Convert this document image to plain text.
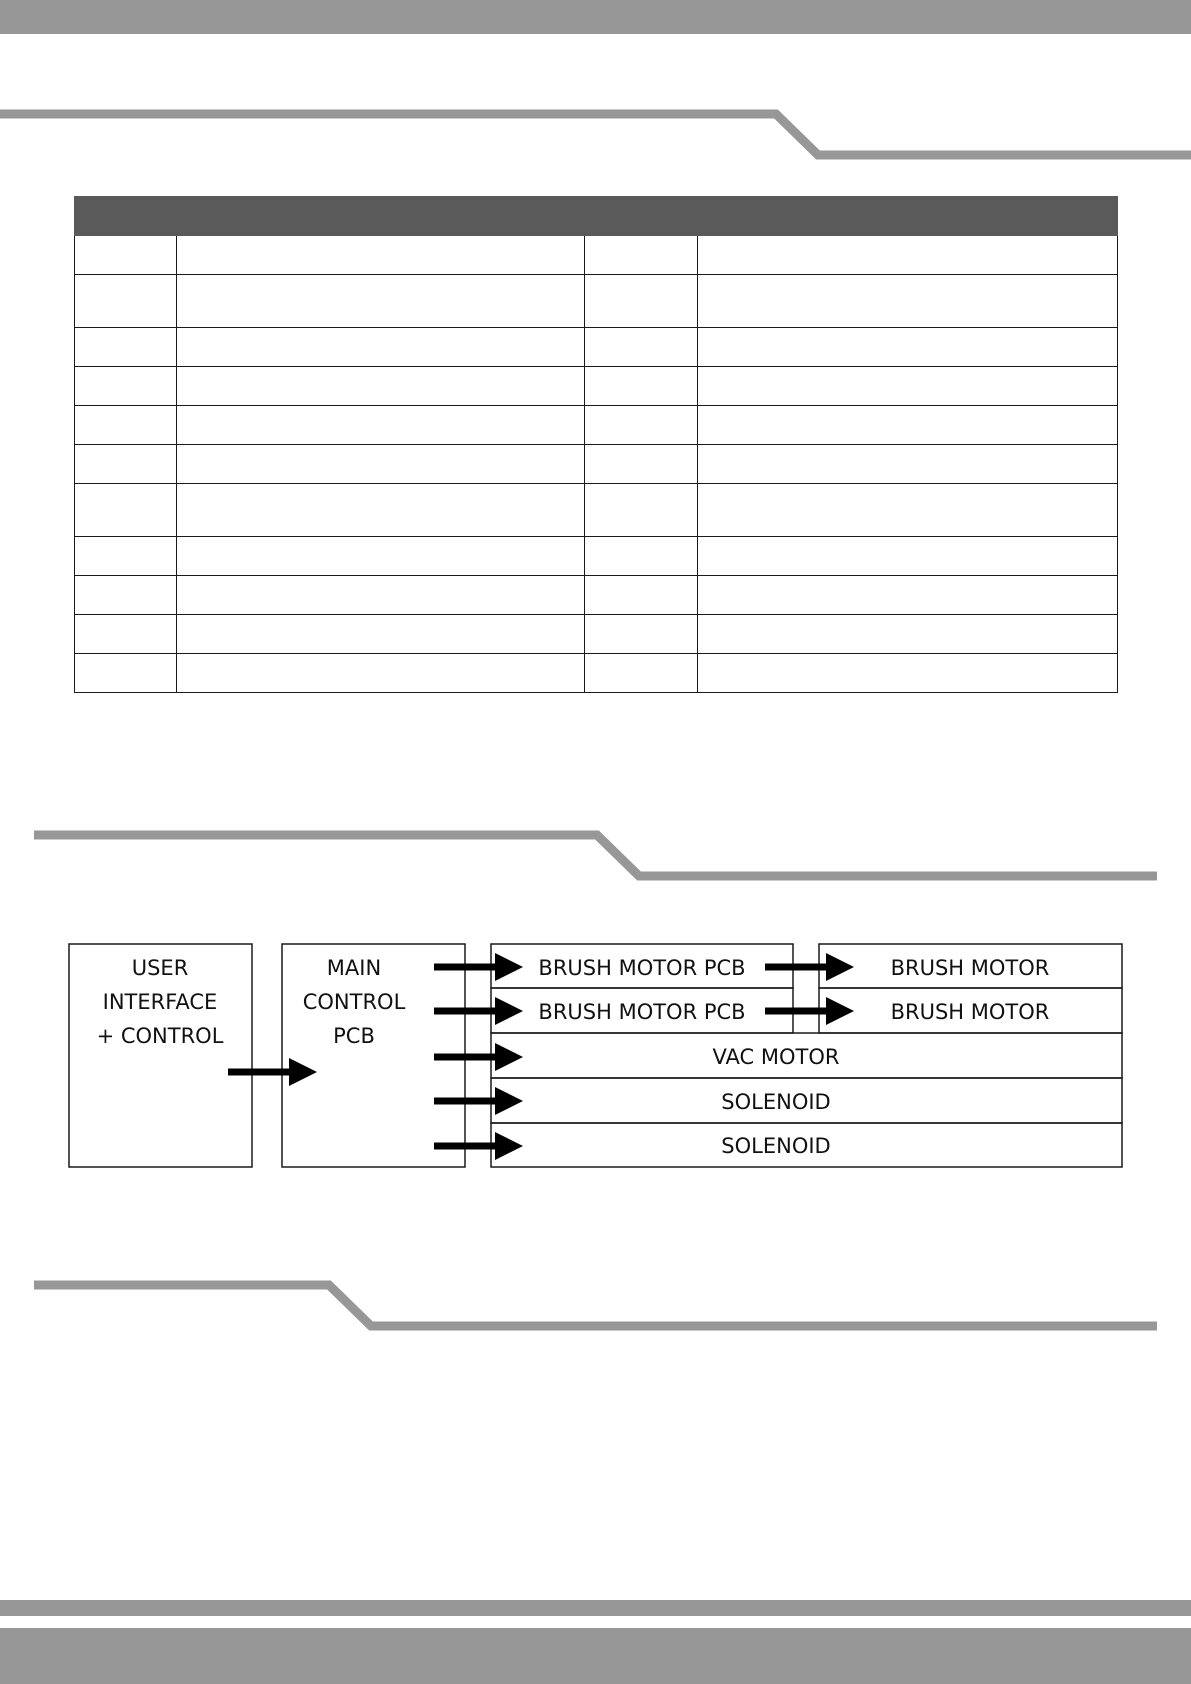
USER
INTERFACE
+ CONTROL
MAIN
CONTROL
PCB
BRUSH MOTOR PCB
BRUSH MOTOR PCB
BRUSH MOTOR
BRUSH MOTOR
VAC MOTOR
SOLENOID
SOLENOID
